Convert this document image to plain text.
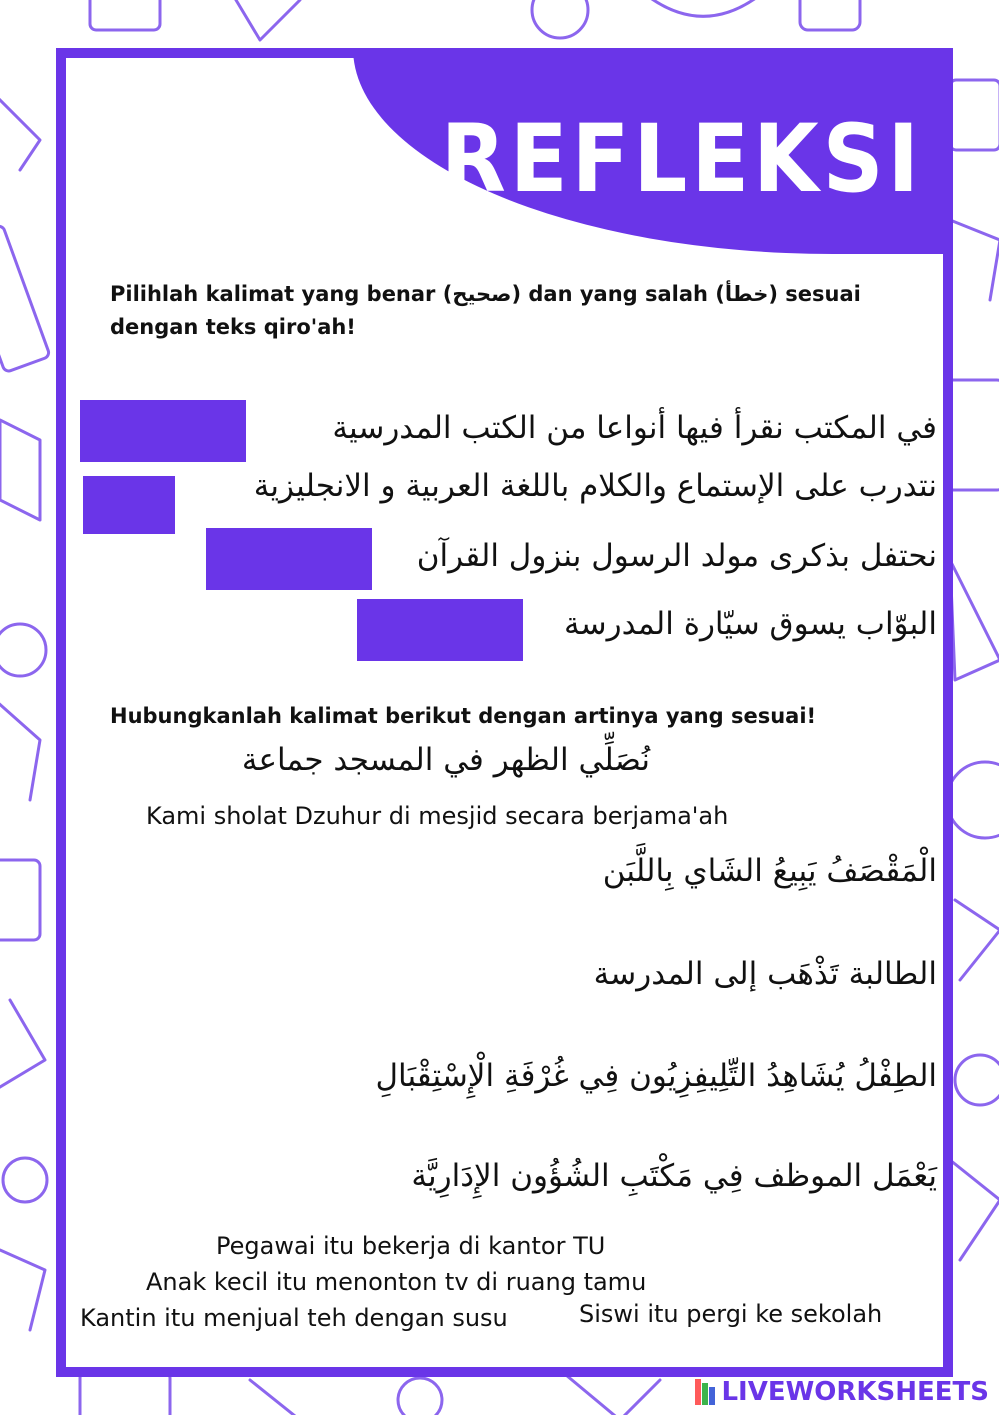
REFLEKSI
Pilihlah kalimat yang benar (صحيح) dan yang salah (خطأ) sesuai dengan teks qiro'ah!
في المكتب نقرأ فيها أنواعا من الكتب المدرسية
نتدرب على الإستماع والكلام باللغة العربية و الانجليزية
نحتفل بذكرى مولد الرسول بنزول القرآن
البوّاب يسوق سيّارة المدرسة
Hubungkanlah kalimat berikut dengan artinya yang sesuai!
نُصَلِّي الظهر في المسجد جماعة
Kami sholat Dzuhur di mesjid secara berjama'ah
الْمَقْصَفُ يَبِيعُ الشَاي بِاللَّبَن
الطالبة تَذْهَب إلى المدرسة
الطِفْلُ يُشَاهِدُ التِّلِيفِزِيُون فِي غُرْفَةِ الْإِسْتِقْبَالِ
يَعْمَل الموظف فِي مَكْتَبِ الشُؤُون الإِدَارِيَّة
Pegawai itu bekerja di kantor TU
Anak kecil itu menonton tv di ruang tamu
Kantin itu menjual teh dengan susu	Siswi itu pergi ke sekolah
LIVEWORKSHEETS
